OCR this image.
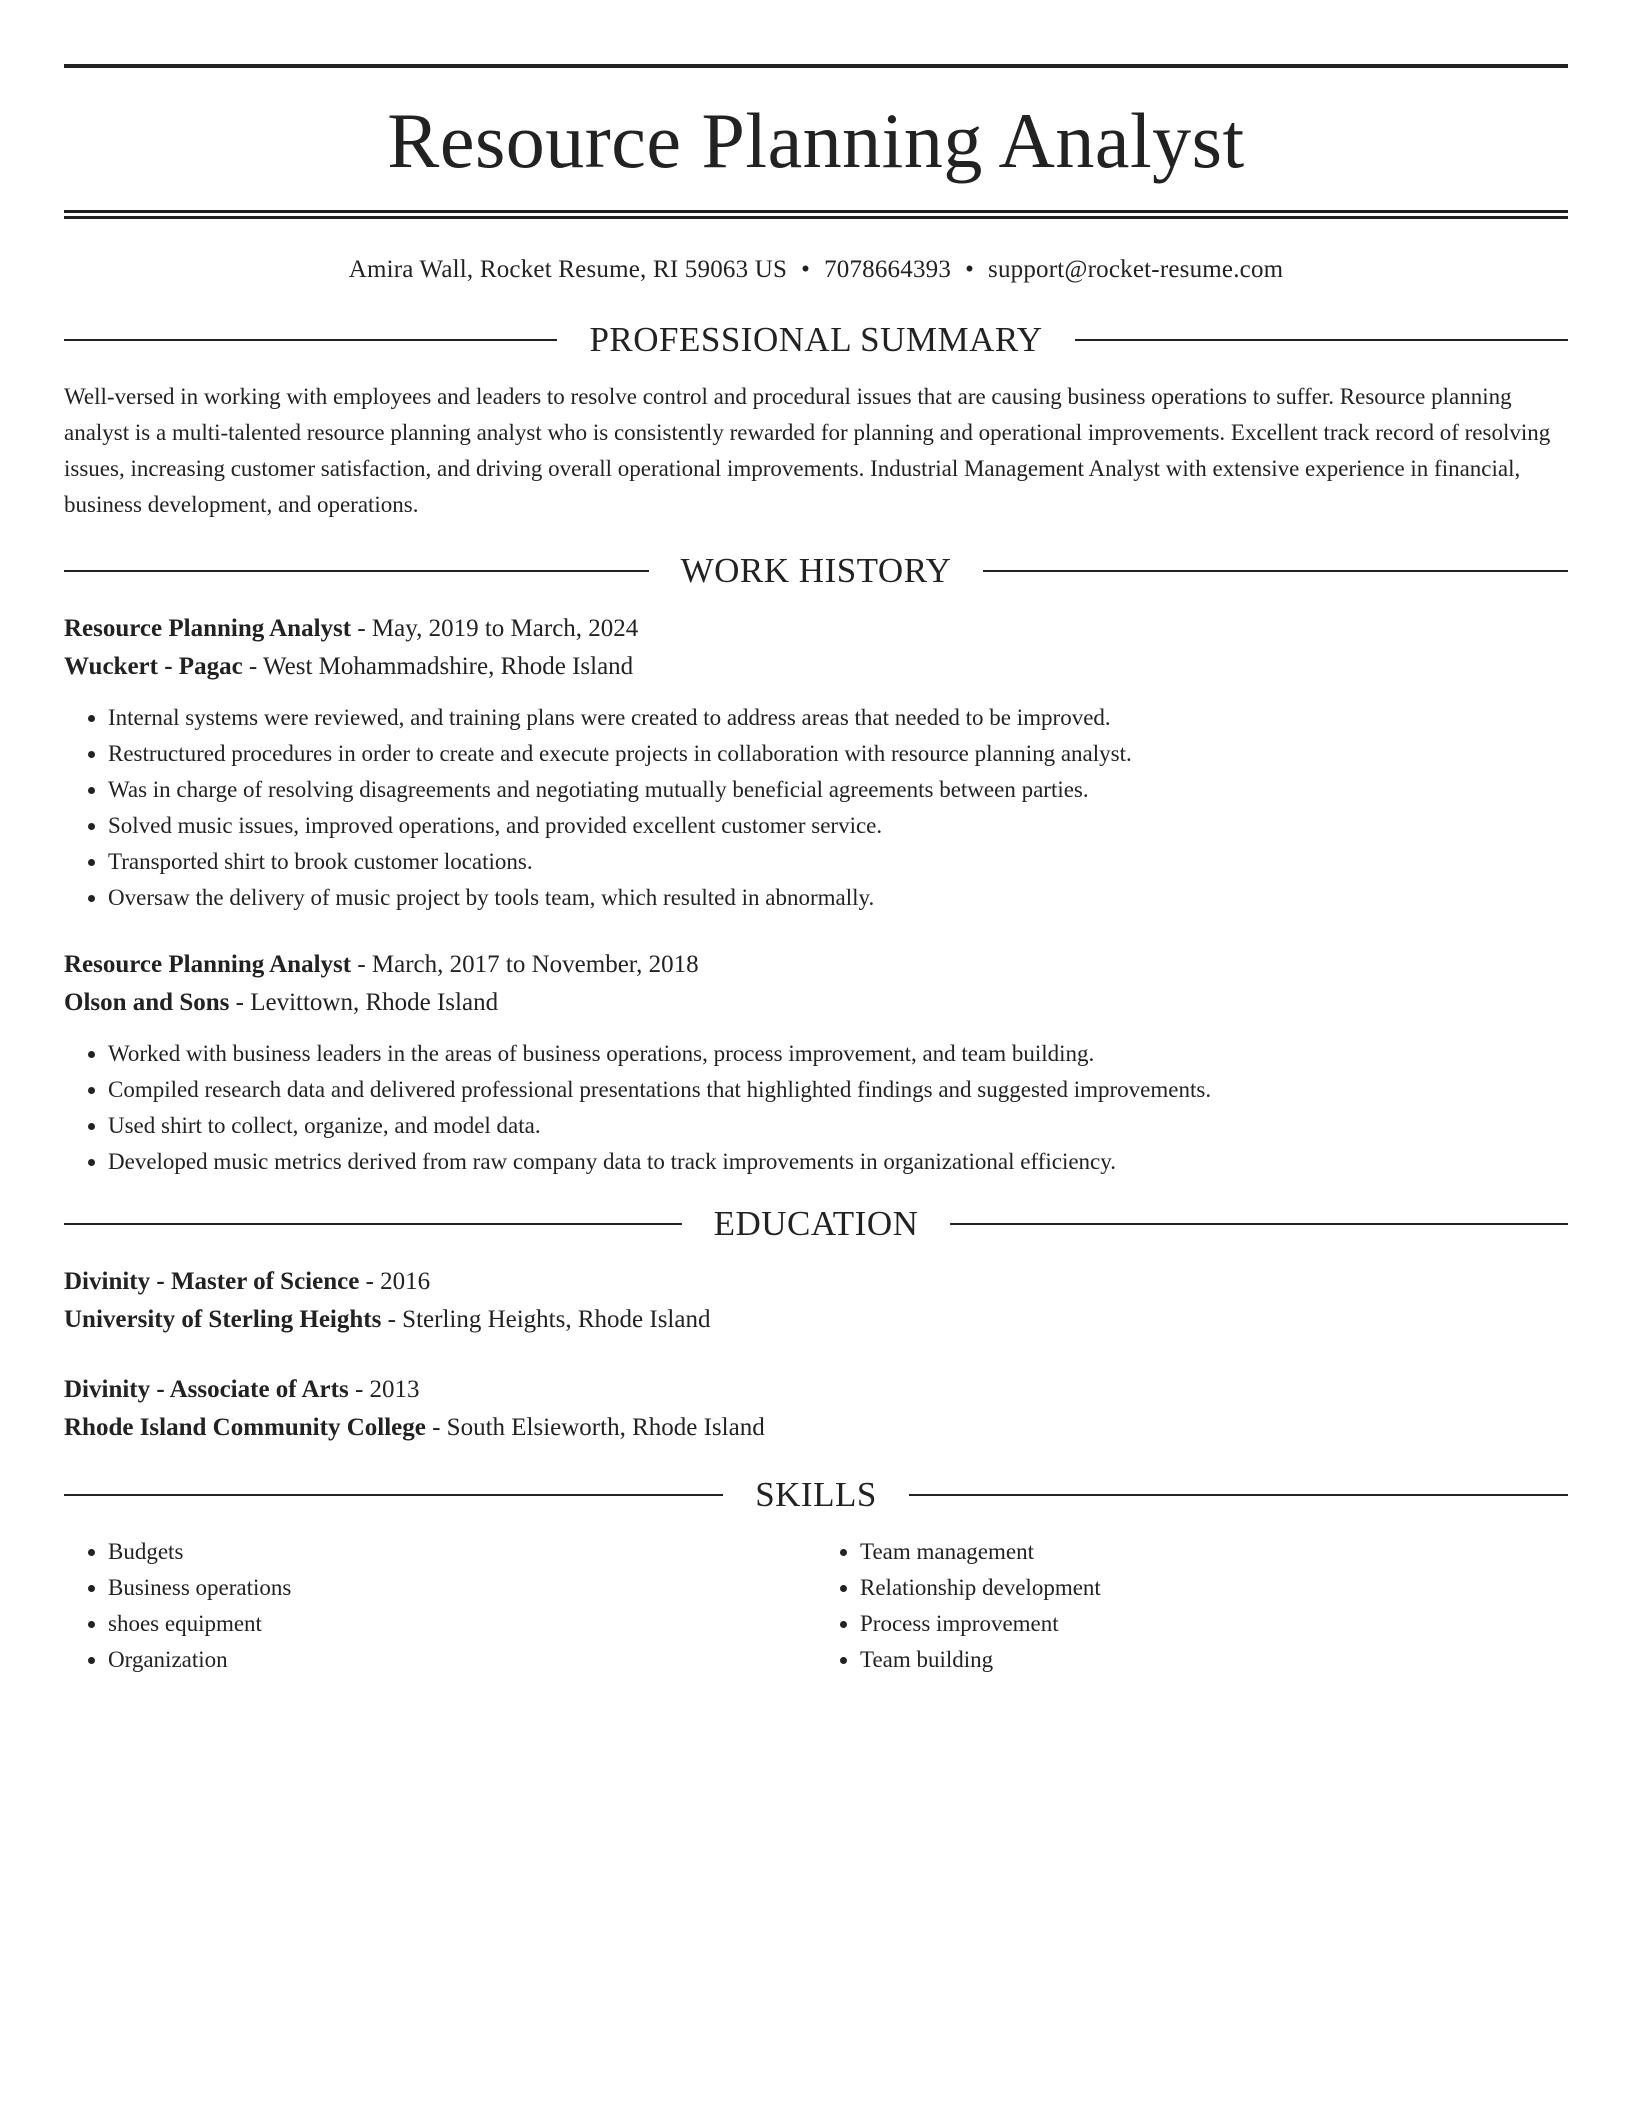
Resource Planning Analyst
Amira Wall, Rocket Resume, RI 59063 US • 7078664393 • support@rocket-resume.com
PROFESSIONAL SUMMARY

Well-versed in working with employees and leaders to resolve control and procedural issues that are causing business operations to suffer. Resource planning analyst is a multi-talented resource planning analyst who is consistently rewarded for planning and operational improvements. Excellent track record of resolving issues, increasing customer satisfaction, and driving overall operational improvements. Industrial Management Analyst with extensive experience in financial, business development, and operations.

WORK HISTORY
Resource Planning Analyst - May, 2019 to March, 2024
Wuckert - Pagac - West Mohammadshire, Rhode Island
• Internal systems were reviewed, and training plans were created to address areas that needed to be improved.
• Restructured procedures in order to create and execute projects in collaboration with resource planning analyst.
• Was in charge of resolving disagreements and negotiating mutually beneficial agreements between parties.
• Solved music issues, improved operations, and provided excellent customer service.
• Transported shirt to brook customer locations.
• Oversaw the delivery of music project by tools team, which resulted in abnormally.
Resource Planning Analyst - March, 2017 to November, 2018
Olson and Sons - Levittown, Rhode Island
• Worked with business leaders in the areas of business operations, process improvement, and team building.
• Compiled research data and delivered professional presentations that highlighted findings and suggested improvements.
• Used shirt to collect, organize, and model data.
• Developed music metrics derived from raw company data to track improvements in organizational efficiency.
EDUCATION
Divinity - Master of Science - 2016
University of Sterling Heights - Sterling Heights, Rhode Island
Divinity - Associate of Arts - 2013
Rhode Island Community College - South Elsieworth, Rhode Island
SKILLS
• Budgets
• Business operations
• shoes equipment
• Organization
• Team management
• Relationship development
• Process improvement
• Team building
